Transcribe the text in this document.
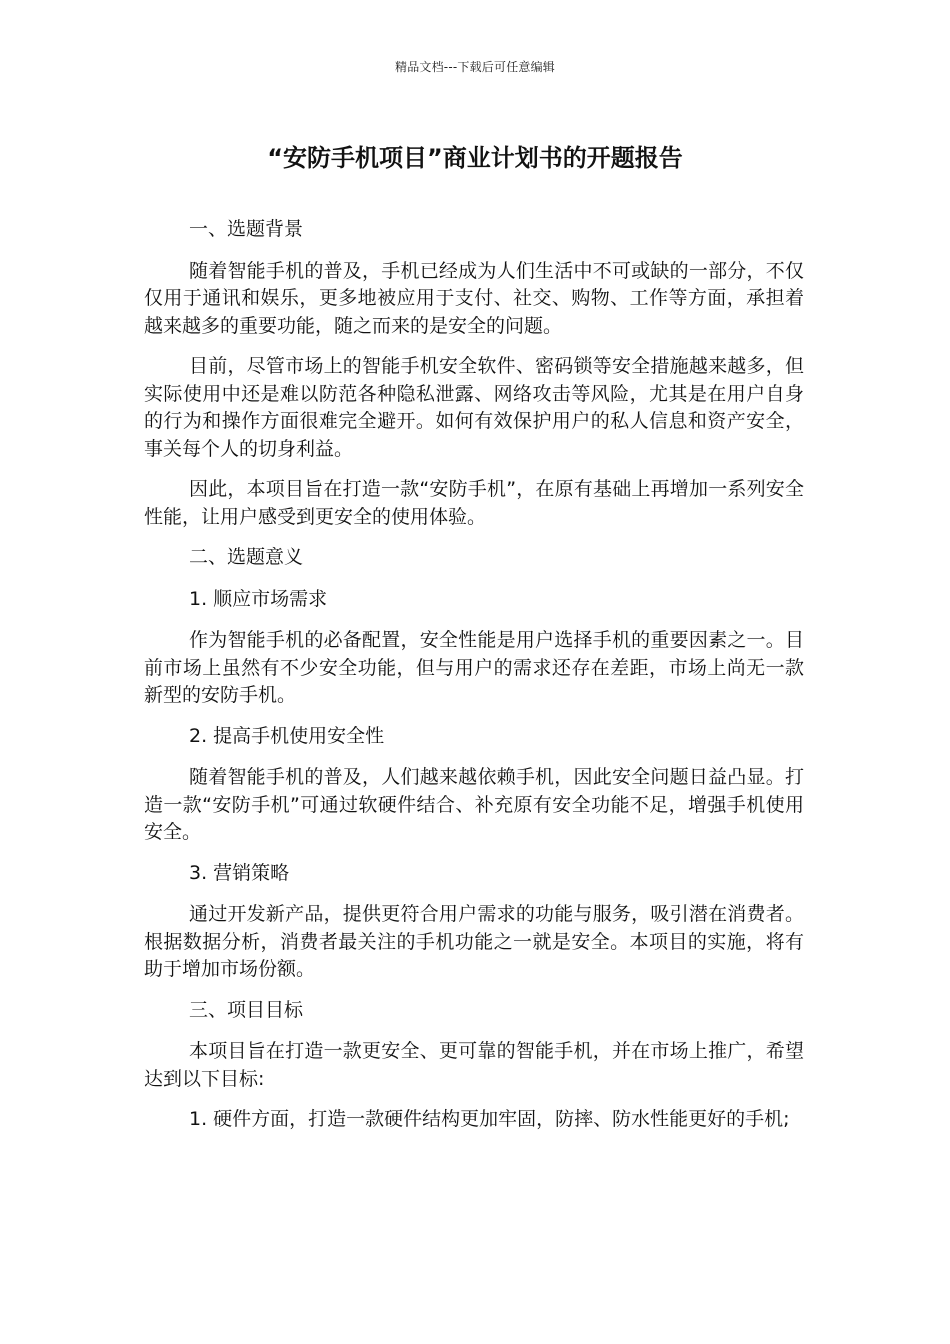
精品文档---下载后可任意编辑
“安防手机项目”商业计划书的开题报告

一、选题背景

随着智能手机的普及，手机已经成为人们生活中不可或缺的一部分，不仅仅用于通讯和娱乐，更多地被应用于支付、社交、购物、工作等方面，承担着越来越多的重要功能，随之而来的是安全的问题。

目前，尽管市场上的智能手机安全软件、密码锁等安全措施越来越多，但实际使用中还是难以防范各种隐私泄露、网络攻击等风险，尤其是在用户自身的行为和操作方面很难完全避开。如何有效保护用户的私人信息和资产安全，事关每个人的切身利益。

因此，本项目旨在打造一款“安防手机”，在原有基础上再增加一系列安全性能，让用户感受到更安全的使用体验。

二、选题意义

1. 顺应市场需求

作为智能手机的必备配置，安全性能是用户选择手机的重要因素之一。目前市场上虽然有不少安全功能，但与用户的需求还存在差距，市场上尚无一款新型的安防手机。

2. 提高手机使用安全性

随着智能手机的普及，人们越来越依赖手机，因此安全问题日益凸显。打造一款“安防手机”可通过软硬件结合、补充原有安全功能不足，增强手机使用安全。

3. 营销策略

通过开发新产品，提供更符合用户需求的功能与服务，吸引潜在消费者。根据数据分析，消费者最关注的手机功能之一就是安全。本项目的实施，将有助于增加市场份额。

三、项目目标

本项目旨在打造一款更安全、更可靠的智能手机，并在市场上推广，希望达到以下目标:

1. 硬件方面，打造一款硬件结构更加牢固，防摔、防水性能更好的手机;
